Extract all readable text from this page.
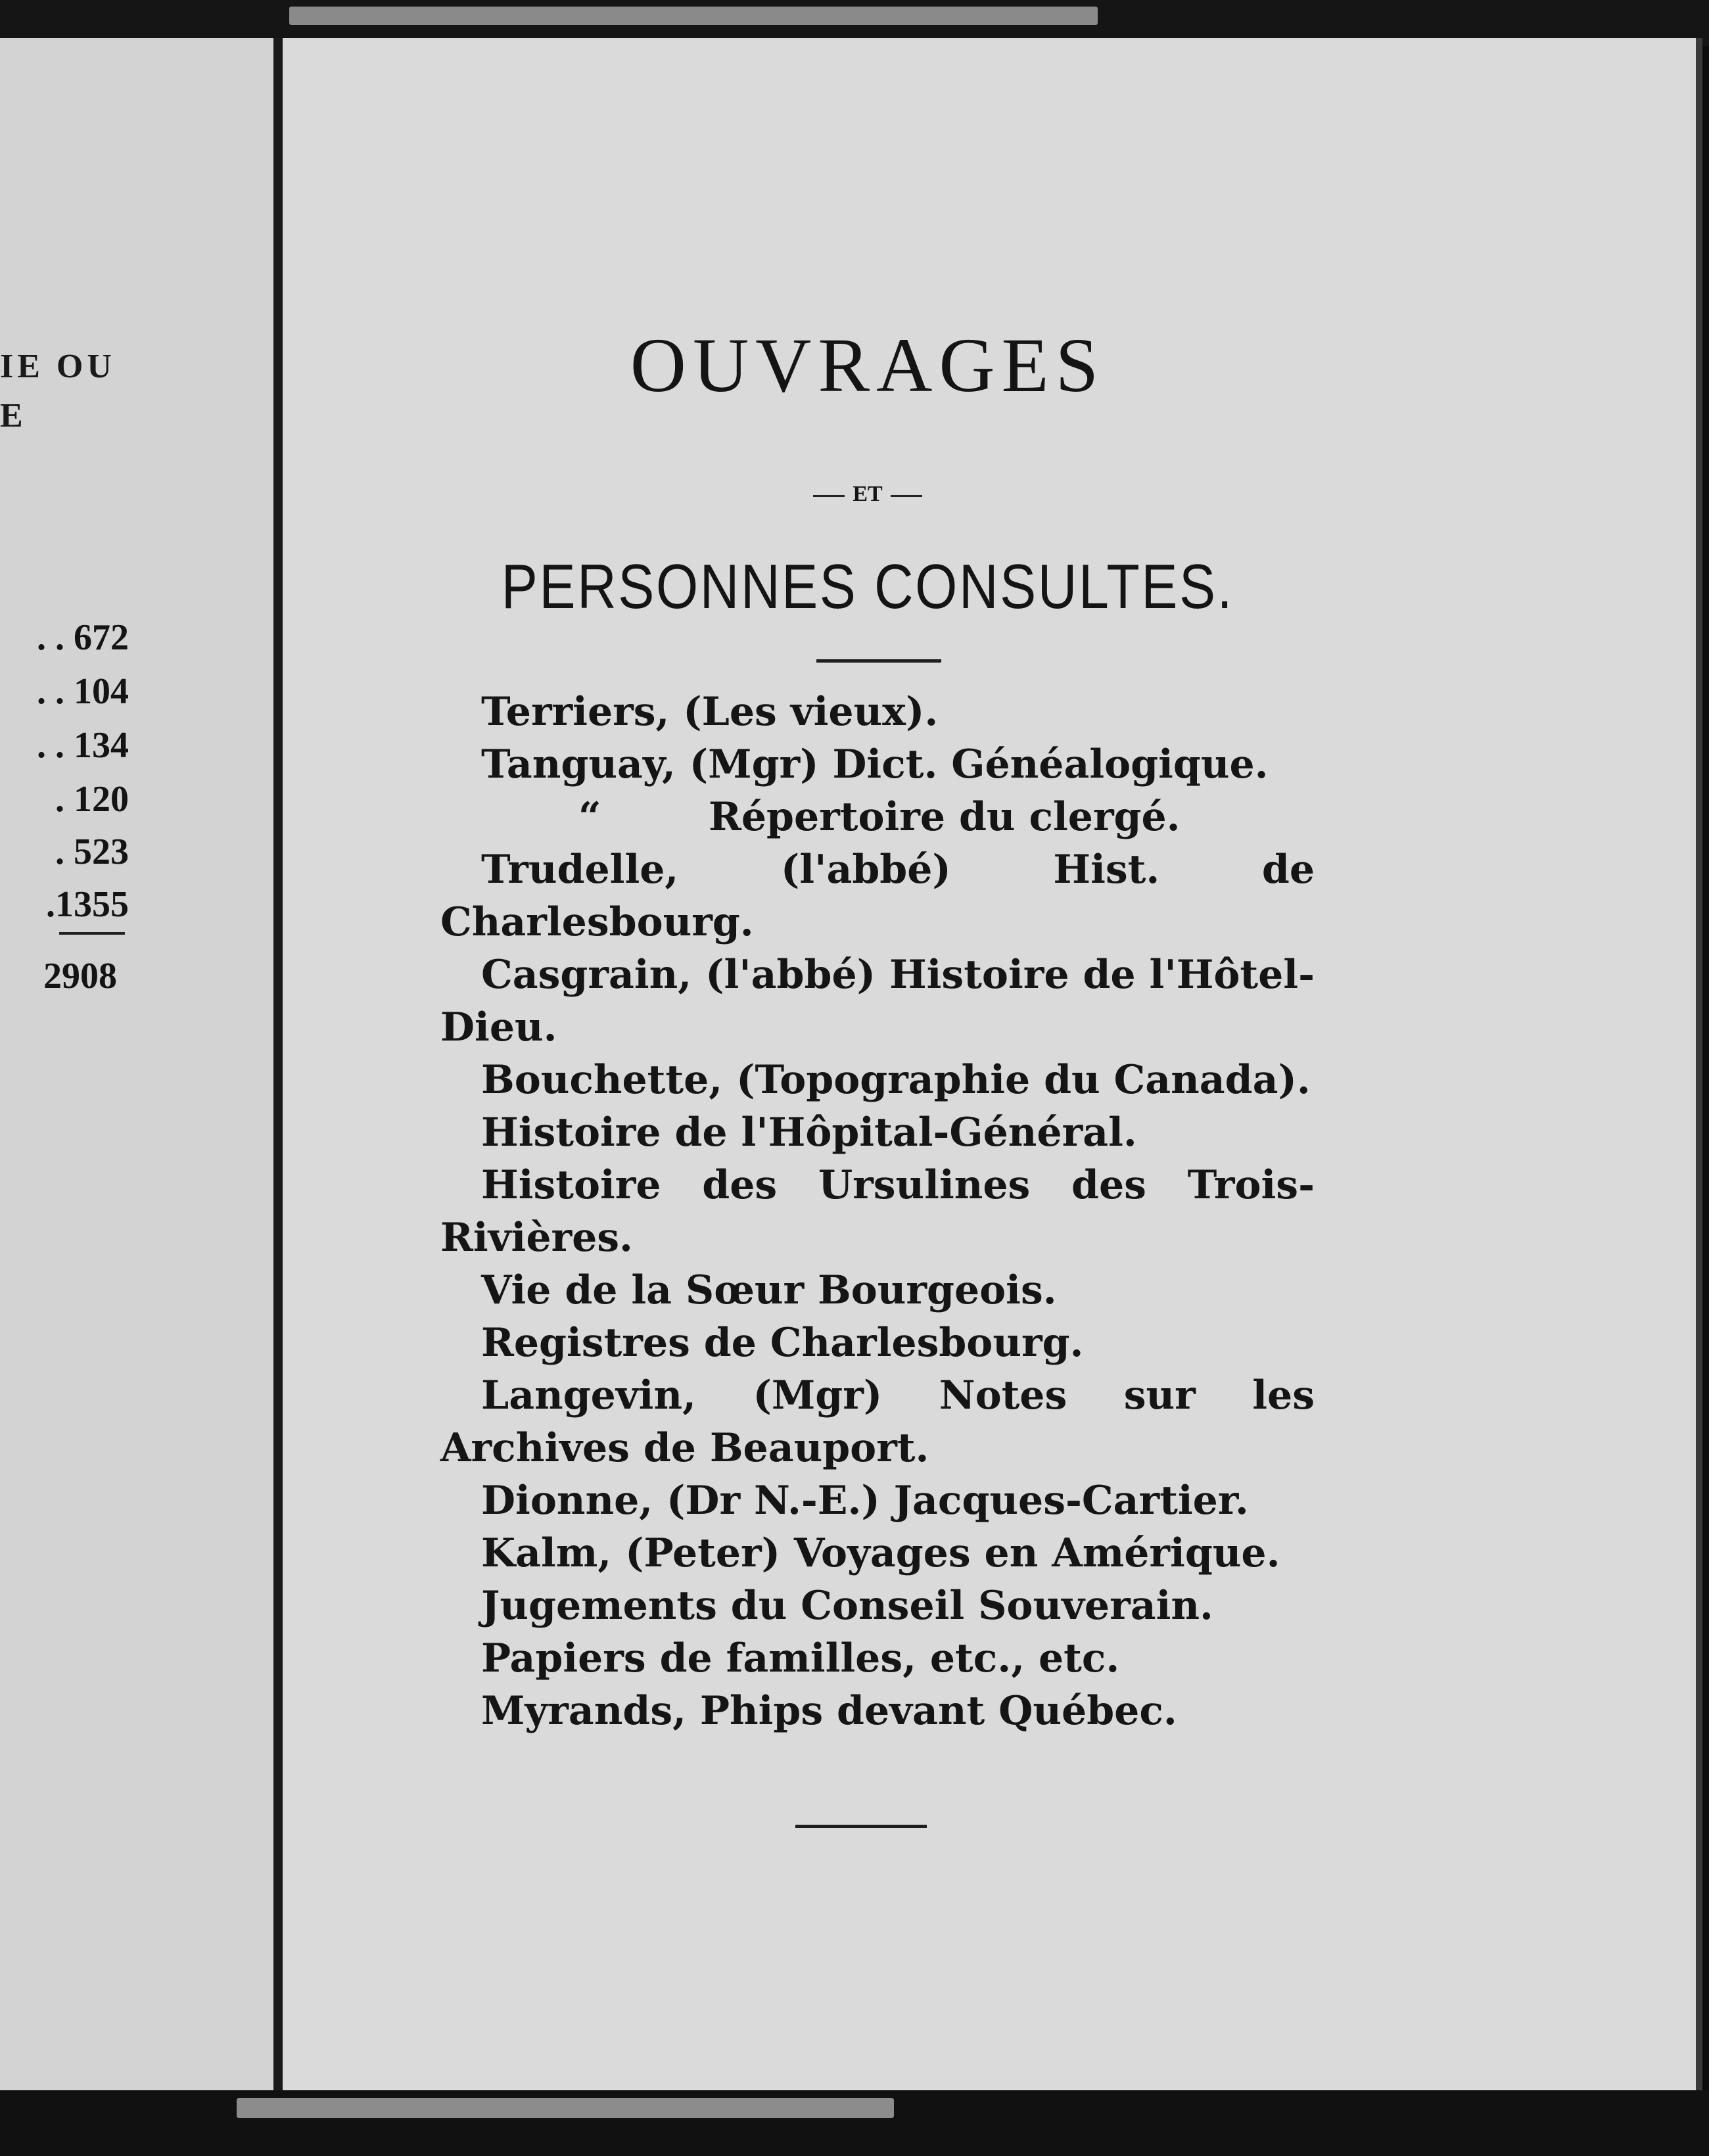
IE OU
E
. . 672
. . 104
. . 134
. 120
. 523
.1355
2908
OUVRAGES
ET
PERSONNES CONSULTES.

Terriers, (Les vieux).

Tanguay, (Mgr) Dict. Généalogique.

“	Répertoire du clergé.

Trudelle, (l'abbé) Hist. de Charlesbourg.

Casgrain, (l'abbé) Histoire de l'Hôtel-Dieu.

Bouchette, (Topographie du Canada).

Histoire de l'Hôpital-Général.

Histoire des Ursulines des Trois-Rivières.

Vie de la Sœur Bourgeois.

Registres de Charlesbourg.

Langevin, (Mgr) Notes sur les Archives de Beauport.

Dionne, (Dr N.-E.) Jacques-Cartier.

Kalm, (Peter) Voyages en Amérique.

Jugements du Conseil Souverain.

Papiers de familles, etc., etc.

Myrands, Phips devant Québec.
